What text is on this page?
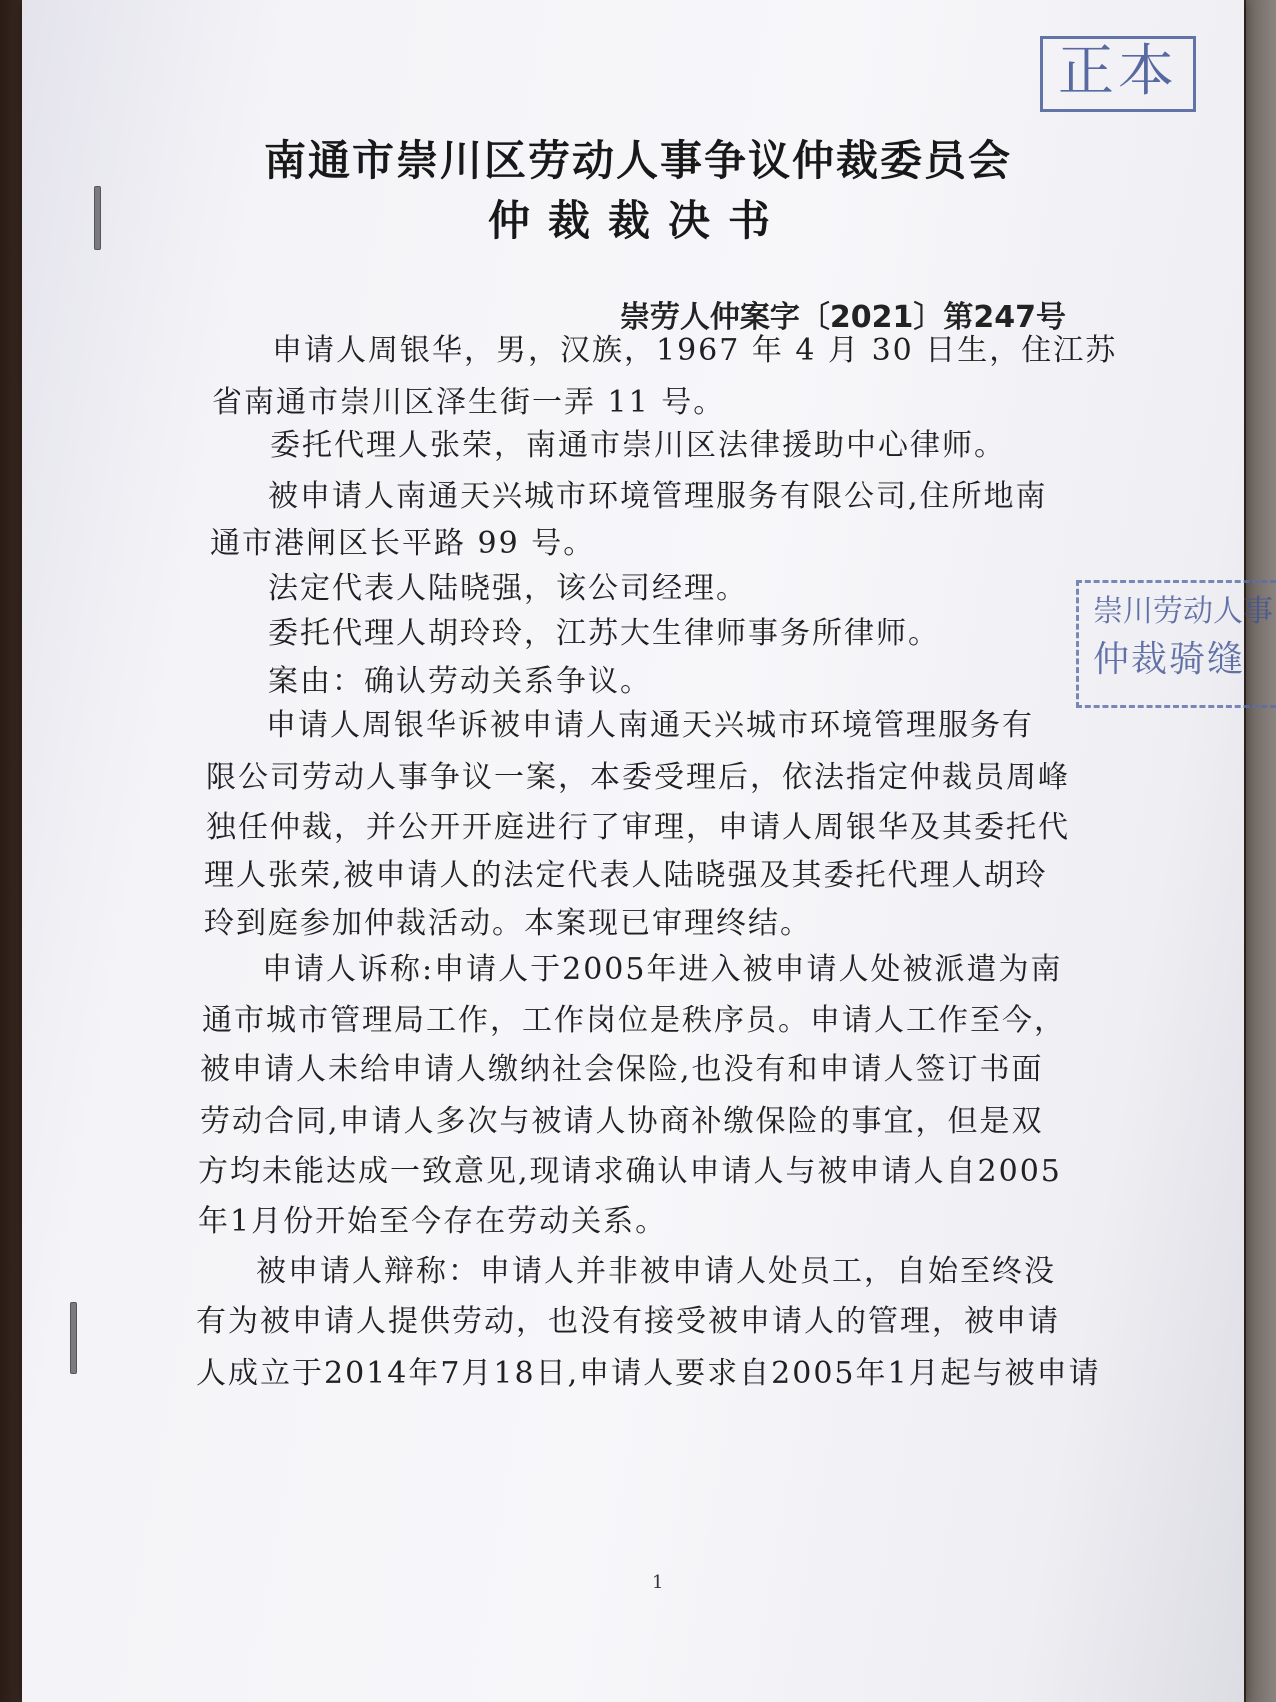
正本
崇川劳动人事
仲裁骑缝
南通市崇川区劳动人事争议仲裁委员会
仲裁裁决书
崇劳人仲案字〔2021〕第247号
申请人周银华，男，汉族，1967 年 4 月 30 日生，住江苏
省南通市崇川区泽生街一弄 11 号。
委托代理人张荣，南通市崇川区法律援助中心律师。
被申请人南通天兴城市环境管理服务有限公司,住所地南
通市港闸区长平路 99 号。
法定代表人陆晓强，该公司经理。
委托代理人胡玲玲，江苏大生律师事务所律师。
案由：确认劳动关系争议。
申请人周银华诉被申请人南通天兴城市环境管理服务有
限公司劳动人事争议一案，本委受理后，依法指定仲裁员周峰
独任仲裁，并公开开庭进行了审理，申请人周银华及其委托代
理人张荣,被申请人的法定代表人陆晓强及其委托代理人胡玲
玲到庭参加仲裁活动。本案现已审理终结。
申请人诉称:申请人于2005年进入被申请人处被派遣为南
通市城市管理局工作，工作岗位是秩序员。申请人工作至今，
被申请人未给申请人缴纳社会保险,也没有和申请人签订书面
劳动合同,申请人多次与被请人协商补缴保险的事宜，但是双
方均未能达成一致意见,现请求确认申请人与被申请人自2005
年1月份开始至今存在劳动关系。
被申请人辩称：申请人并非被申请人处员工，自始至终没
有为被申请人提供劳动，也没有接受被申请人的管理，被申请
人成立于2014年7月18日,申请人要求自2005年1月起与被申请
1
